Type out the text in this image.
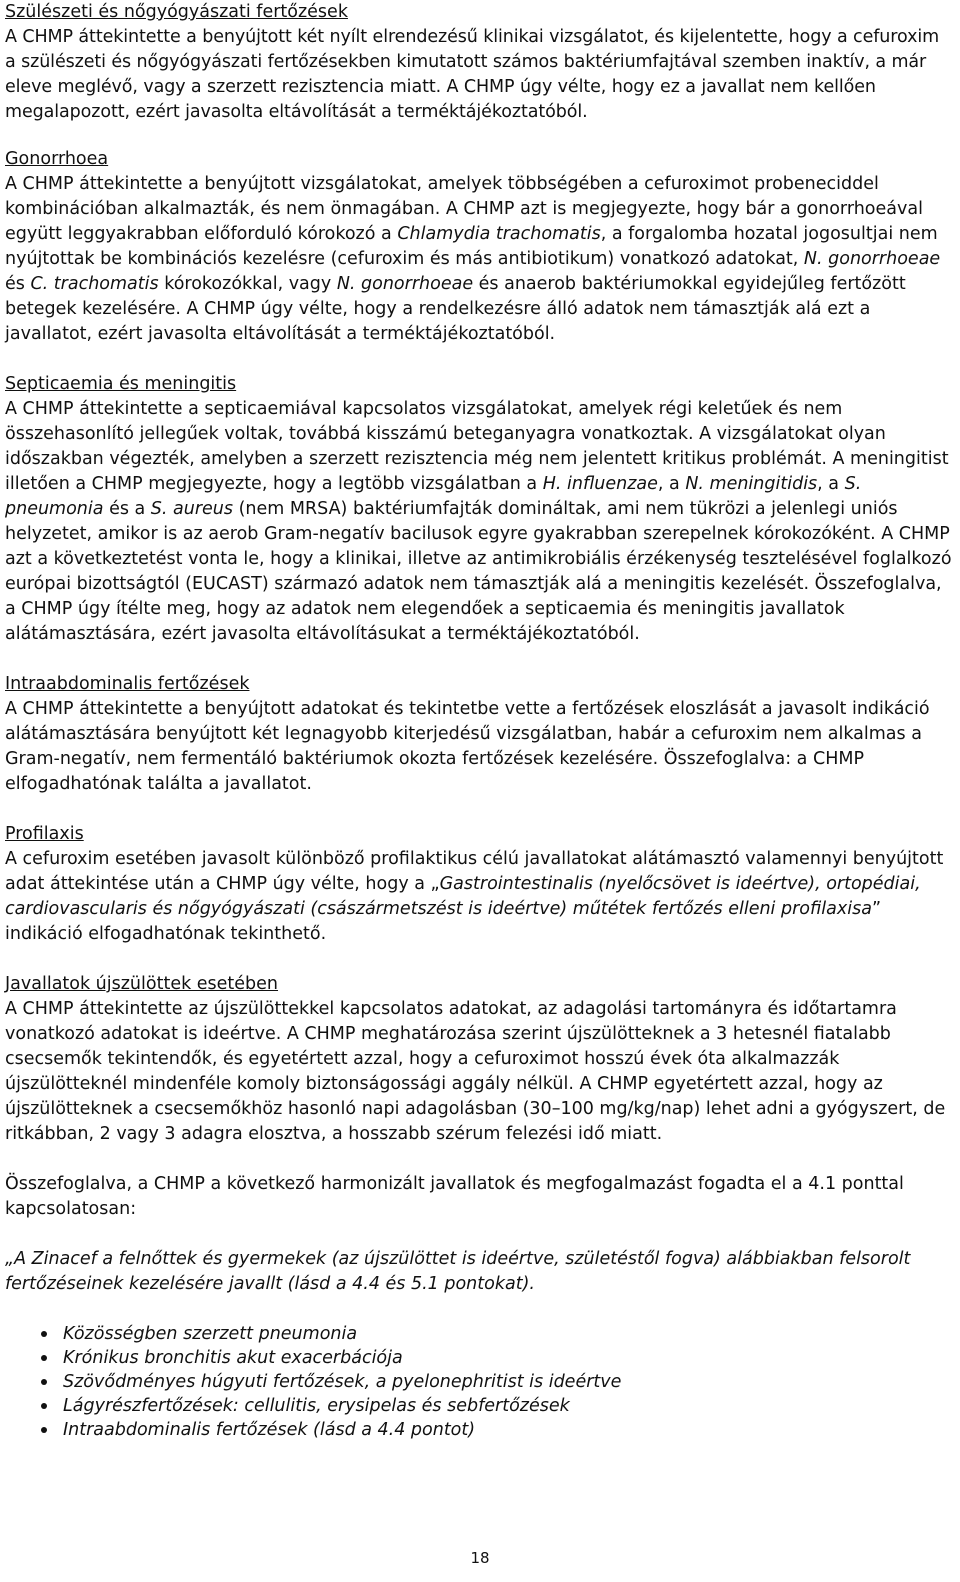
Szülészeti és nőgyógyászati fertőzések

A CHMP áttekintette a benyújtott két nyílt elrendezésű klinikai vizsgálatot, és kijelentette, hogy a cefuroxim a szülészeti és nőgyógyászati fertőzésekben kimutatott számos baktériumfajtával szemben inaktív, a már eleve meglévő, vagy a szerzett rezisztencia miatt. A CHMP úgy vélte, hogy ez a javallat nem kellően megalapozott, ezért javasolta eltávolítását a terméktájékoztatóból.

Gonorrhoea

A CHMP áttekintette a benyújtott vizsgálatokat, amelyek többségében a cefuroximot probeneciddel kombinációban alkalmazták, és nem önmagában. A CHMP azt is megjegyezte, hogy bár a gonorrhoeával együtt leggyakrabban előforduló kórokozó a Chlamydia trachomatis, a forgalomba hozatal jogosultjai nem nyújtottak be kombinációs kezelésre (cefuroxim és más antibiotikum) vonatkozó adatokat, N. gonorrhoeae és C. trachomatis kórokozókkal, vagy N. gonorrhoeae és anaerob baktériumokkal egyidejűleg fertőzött betegek kezelésére. A CHMP úgy vélte, hogy a rendelkezésre álló adatok nem támasztják alá ezt a javallatot, ezért javasolta eltávolítását a terméktájékoztatóból.

Septicaemia és meningitis

A CHMP áttekintette a septicaemiával kapcsolatos vizsgálatokat, amelyek régi keletűek és nem összehasonlító jellegűek voltak, továbbá kisszámú beteganyagra vonatkoztak. A vizsgálatokat olyan időszakban végezték, amelyben a szerzett rezisztencia még nem jelentett kritikus problémát. A meningitist illetően a CHMP megjegyezte, hogy a legtöbb vizsgálatban a H. influenzae, a N. meningitidis, a S. pneumonia és a S. aureus (nem MRSA) baktériumfajták domináltak, ami nem tükrözi a jelenlegi uniós helyzetet, amikor is az aerob Gram-negatív bacilusok egyre gyakrabban szerepelnek kórokozóként. A CHMP azt a következtetést vonta le, hogy a klinikai, illetve az antimikrobiális érzékenység tesztelésével foglalkozó európai bizottságtól (EUCAST) származó adatok nem támasztják alá a meningitis kezelését. Összefoglalva, a CHMP úgy ítélte meg, hogy az adatok nem elegendőek a septicaemia és meningitis javallatok alátámasztására, ezért javasolta eltávolításukat a terméktájékoztatóból.

Intraabdominalis fertőzések

A CHMP áttekintette a benyújtott adatokat és tekintetbe vette a fertőzések eloszlását a javasolt indikáció alátámasztására benyújtott két legnagyobb kiterjedésű vizsgálatban, habár a cefuroxim nem alkalmas a Gram-negatív, nem fermentáló baktériumok okozta fertőzések kezelésére. Összefoglalva: a CHMP elfogadhatónak találta a javallatot.

Profilaxis

A cefuroxim esetében javasolt különböző profilaktikus célú javallatokat alátámasztó valamennyi benyújtott adat áttekintése után a CHMP úgy vélte, hogy a „Gastrointestinalis (nyelőcsövet is ideértve), ortopédiai, cardiovascularis és nőgyógyászati (császármetszést is ideértve) műtétek fertőzés elleni profilaxisa” indikáció elfogadhatónak tekinthető.

Javallatok újszülöttek esetében

A CHMP áttekintette az újszülöttekkel kapcsolatos adatokat, az adagolási tartományra és időtartamra vonatkozó adatokat is ideértve. A CHMP meghatározása szerint újszülötteknek a 3 hetesnél fiatalabb csecsemők tekintendők, és egyetértett azzal, hogy a cefuroximot hosszú évek óta alkalmazzák újszülötteknél mindenféle komoly biztonságossági aggály nélkül. A CHMP egyetértett azzal, hogy az újszülötteknek a csecsemőkhöz hasonló napi adagolásban (30–100 mg/kg/nap) lehet adni a gyógyszert, de ritkábban, 2 vagy 3 adagra elosztva, a hosszabb szérum felezési idő miatt.

Összefoglalva, a CHMP a következő harmonizált javallatok és megfogalmazást fogadta el a 4.1 ponttal kapcsolatosan:

„A Zinacef a felnőttek és gyermekek (az újszülöttet is ideértve, születéstől fogva) alábbiakban felsorolt fertőzéseinek kezelésére javallt (lásd a 4.4 és 5.1 pontokat).

Közösségben szerzett pneumonia
Krónikus bronchitis akut exacerbációja
Szövődményes húgyuti fertőzések, a pyelonephritist is ideértve
Lágyrészfertőzések: cellulitis, erysipelas és sebfertőzések
Intraabdominalis fertőzések (lásd a 4.4 pontot)
18
